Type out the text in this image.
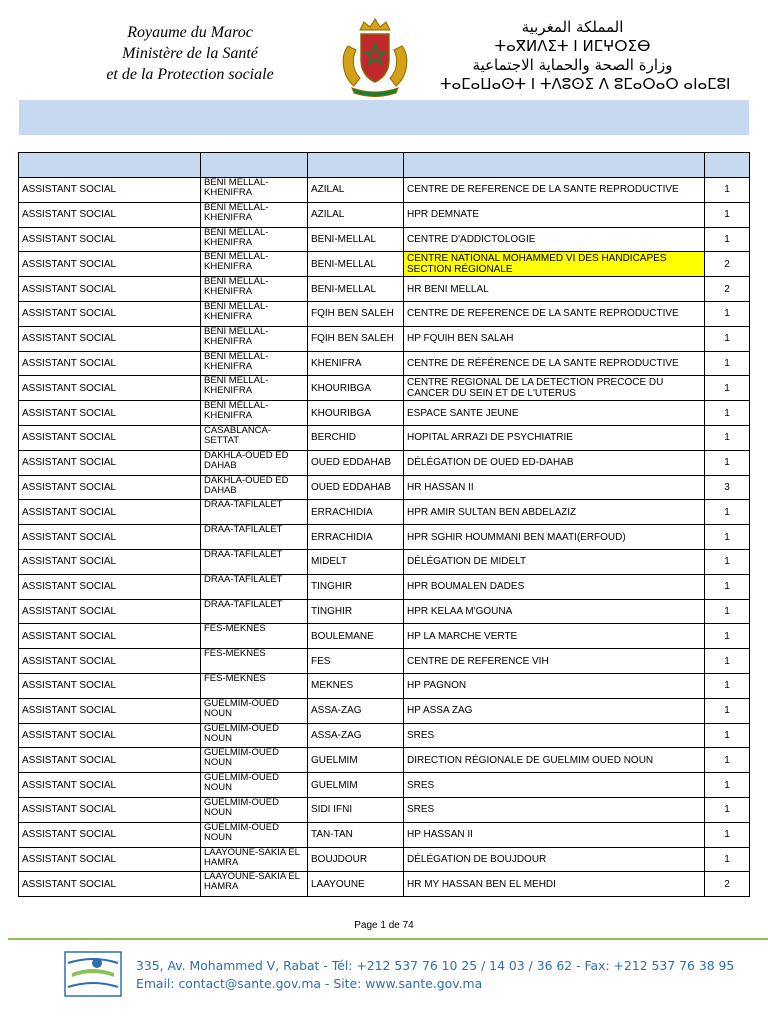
Royaume du Maroc
Ministère de la Santé
et de la Protection sociale
المملكة المغربية
ⵜⴰⴳⵍⴷⵉⵜ ⵏ ⵍⵎⵖⵔⵉⴱ
وزارة الصحة والحماية الاجتماعية
ⵜⴰⵎⴰⵡⴰⵙⵜ ⵏ ⵜⴷⵓⵙⵉ ⴷ ⵓⵎⴰⵔⴰⵔ ⴰⵏⴰⵎⵓⵏ

ASSISTANT SOCIAL	BENI MELLAL-KHENIFRA	AZILAL	CENTRE DE REFERENCE DE LA SANTE REPRODUCTIVE	1
ASSISTANT SOCIAL	BENI MELLAL-KHENIFRA	AZILAL	HPR DEMNATE	1
ASSISTANT SOCIAL	BENI MELLAL-KHENIFRA	BENI-MELLAL	CENTRE D'ADDICTOLOGIE	1
ASSISTANT SOCIAL	BENI MELLAL-KHENIFRA	BENI-MELLAL	CENTRE NATIONAL MOHAMMED VI DES HANDICAPES SECTION RÉGIONALE	2
ASSISTANT SOCIAL	BENI MELLAL-KHENIFRA	BENI-MELLAL	HR BENI MELLAL	2
ASSISTANT SOCIAL	BENI MELLAL-KHENIFRA	FQIH BEN SALEH	CENTRE DE REFERENCE DE LA SANTE REPRODUCTIVE	1
ASSISTANT SOCIAL	BENI MELLAL-KHENIFRA	FQIH BEN SALEH	HP FQUIH BEN SALAH	1
ASSISTANT SOCIAL	BENI MELLAL-KHENIFRA	KHENIFRA	CENTRE DE RÉFÉRENCE DE LA SANTE REPRODUCTIVE	1
ASSISTANT SOCIAL	BENI MELLAL-KHENIFRA	KHOURIBGA	CENTRE REGIONAL DE LA DETECTION PRECOCE DU CANCER DU SEIN ET DE L'UTERUS	1
ASSISTANT SOCIAL	BENI MELLAL-KHENIFRA	KHOURIBGA	ESPACE SANTE JEUNE	1
ASSISTANT SOCIAL	CASABLANCA-SETTAT	BERCHID	HOPITAL ARRAZI DE PSYCHIATRIE	1
ASSISTANT SOCIAL	DAKHLA-OUED ED DAHAB	OUED EDDAHAB	DÉLÉGATION DE OUED ED-DAHAB	1
ASSISTANT SOCIAL	DAKHLA-OUED ED DAHAB	OUED EDDAHAB	HR HASSAN II	3
ASSISTANT SOCIAL	DRAA-TAFILALET	ERRACHIDIA	HPR AMIR SULTAN BEN ABDELAZIZ	1
ASSISTANT SOCIAL	DRAA-TAFILALET	ERRACHIDIA	HPR SGHIR HOUMMANI BEN MAATI(ERFOUD)	1
ASSISTANT SOCIAL	DRAA-TAFILALET	MIDELT	DÉLÉGATION DE MIDELT	1
ASSISTANT SOCIAL	DRAA-TAFILALET	TINGHIR	HPR BOUMALEN DADES	1
ASSISTANT SOCIAL	DRAA-TAFILALET	TINGHIR	HPR KELAA M'GOUNA	1
ASSISTANT SOCIAL	FES-MEKNES	BOULEMANE	HP LA MARCHE VERTE	1
ASSISTANT SOCIAL	FES-MEKNES	FES	CENTRE DE REFERENCE VIH	1
ASSISTANT SOCIAL	FES-MEKNES	MEKNES	HP PAGNON	1
ASSISTANT SOCIAL	GUELMIM-OUED NOUN	ASSA-ZAG	HP ASSA ZAG	1
ASSISTANT SOCIAL	GUELMIM-OUED NOUN	ASSA-ZAG	SRES	1
ASSISTANT SOCIAL	GUELMIM-OUED NOUN	GUELMIM	DIRECTION RÉGIONALE DE GUELMIM OUED NOUN	1
ASSISTANT SOCIAL	GUELMIM-OUED NOUN	GUELMIM	SRES	1
ASSISTANT SOCIAL	GUELMIM-OUED NOUN	SIDI IFNI	SRES	1
ASSISTANT SOCIAL	GUELMIM-OUED NOUN	TAN-TAN	HP HASSAN II	1
ASSISTANT SOCIAL	LAAYOUNE-SAKIA EL HAMRA	BOUJDOUR	DÉLÉGATION DE BOUJDOUR	1
ASSISTANT SOCIAL	LAAYOUNE-SAKIA EL HAMRA	LAAYOUNE	HR MY HASSAN BEN EL MEHDI	2
Page 1 de 74
335, Av. Mohammed V, Rabat - Tél: +212 537 76 10 25 / 14 03 / 36 62 - Fax: +212 537 76 38 95
Email: contact@sante.gov.ma - Site: www.sante.gov.ma
